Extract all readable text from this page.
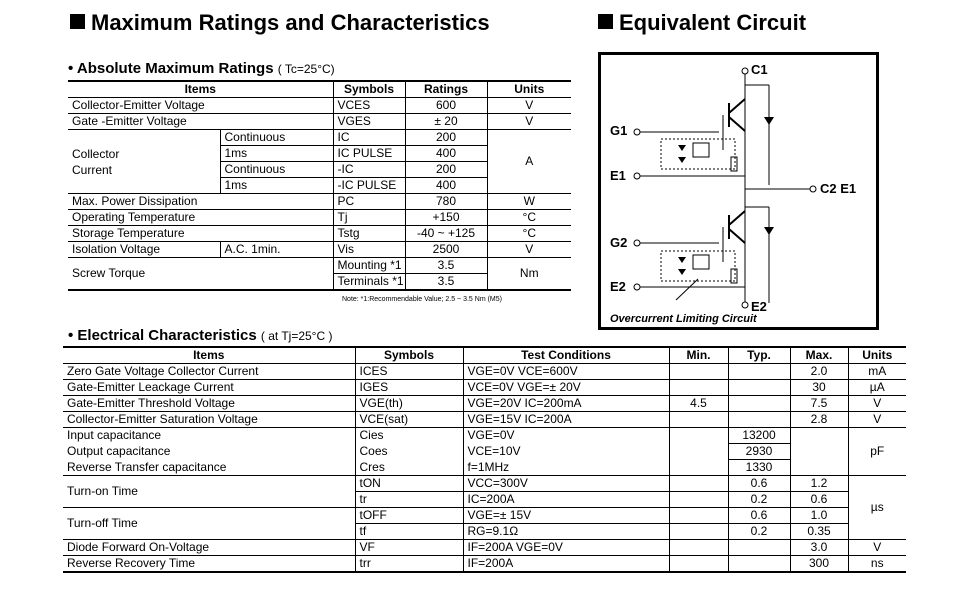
Maximum Ratings and Characteristics	Equivalent Circuit
• Absolute Maximum Ratings ( Tc=25°C)
Items		Symbols	Ratings	Units
Collector-Emitter Voltage		VCES	600	V
Gate -Emitter Voltage		VGES	± 20	V
Collector
Current	Continuous	IC	200	A
	1ms	IC PULSE	400	
	Continuous	-IC	200	
	1ms	-IC PULSE	400	
Max. Power Dissipation		PC	780	W
Operating Temperature		Tj	+150	°C
Storage Temperature		Tstg	-40 ~ +125	°C
Isolation Voltage	A.C. 1min.	Vis	2500	V
Screw Torque		Mounting *1	3.5	Nm
		Terminals *1	3.5	
Note: *1:Recommendable Value; 2.5 ~ 3.5 Nm (M5)
C1
G1
E1
C2 E1
G2
E2
E2
Overcurrent Limiting Circuit
• Electrical Characteristics ( at Tj=25°C )
Items	Symbols	Test Conditions	Min.	Typ.	Max.	Units
Zero Gate Voltage Collector Current	ICES	VGE=0V VCE=600V			2.0	mA
Gate-Emitter Leackage Current	IGES	VCE=0V VGE=± 20V			30	µA
Gate-Emitter Threshold Voltage	VGE(th)	VGE=20V IC=200mA	4.5		7.5	V
Collector-Emitter Saturation Voltage	VCE(sat)	VGE=15V IC=200A			2.8	V
Input capacitance	Cies	VGE=0V		13200		pF
Output capacitance	Coes	VCE=10V		2930		
Reverse Transfer capacitance	Cres	f=1MHz		1330		
Turn-on Time	tON	VCC=300V		0.6	1.2	µs
	tr	IC=200A		0.2	0.6	
Turn-off Time	tOFF	VGE=± 15V		0.6	1.0	
	tf	RG=9.1Ω		0.2	0.35	
Diode Forward On-Voltage	VF	IF=200A VGE=0V			3.0	V
Reverse Recovery Time	trr	IF=200A			300	ns
